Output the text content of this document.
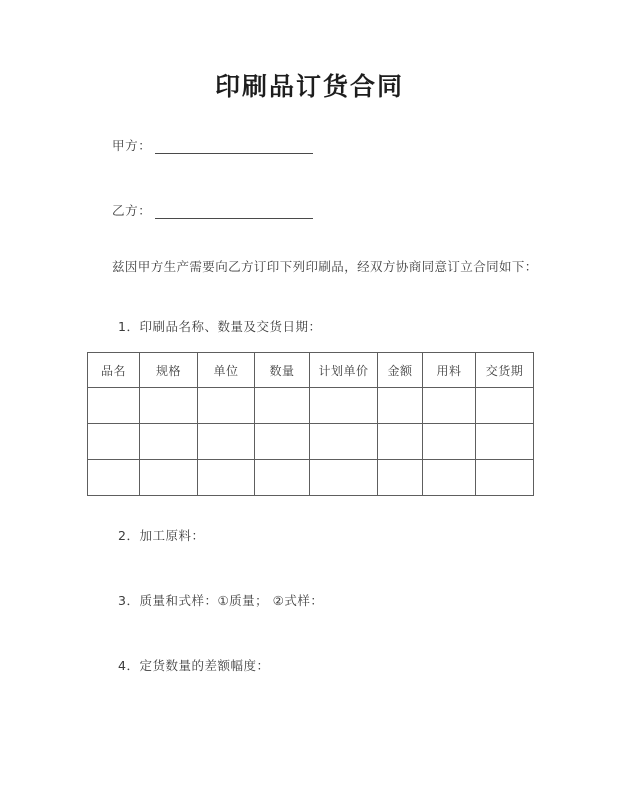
印刷品订货合同
甲方：
乙方：
兹因甲方生产需要向乙方订印下列印刷品，经双方协商同意订立合同如下：
1．印刷品名称、数量及交货日期：
品名	规格	单位	数量	计划单价	金额	用料	交货期

2．加工原料：
3．质量和式样：①质量； ②式样：
4．定货数量的差额幅度：
